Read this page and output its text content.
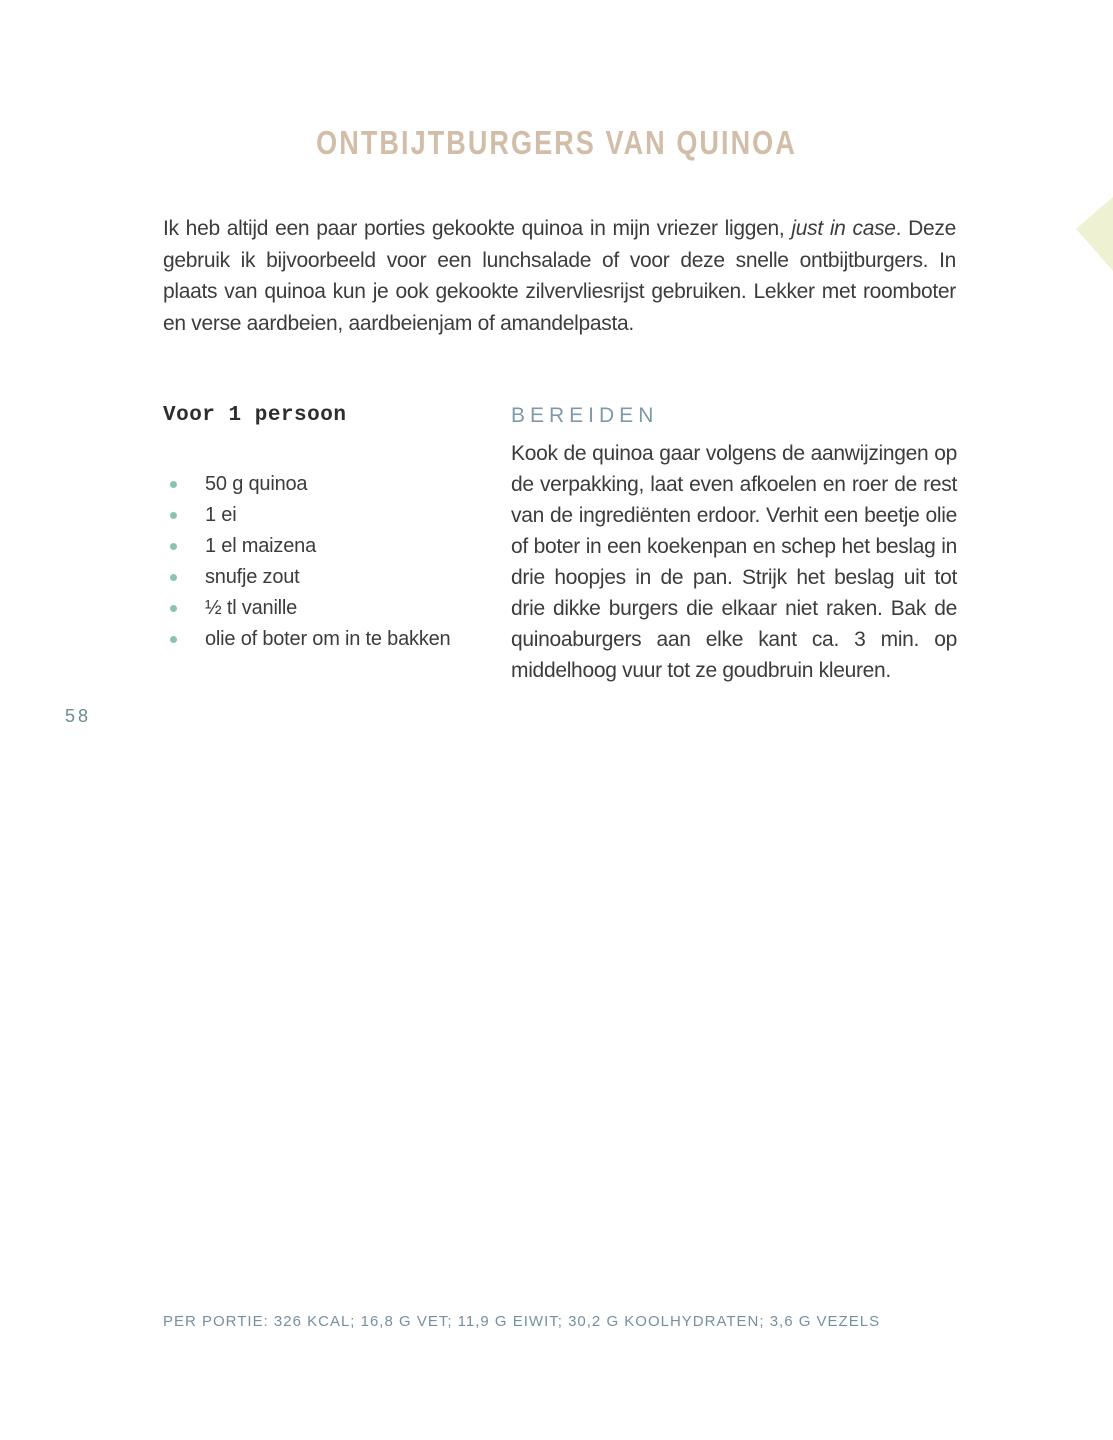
ONTBIJTBURGERS VAN QUINOA

Ik heb altijd een paar porties gekookte quinoa in mijn vriezer liggen, just in case. Deze gebruik ik bijvoorbeeld voor een lunchsalade of voor deze snelle ontbijtburgers. In plaats van quinoa kun je ook gekookte zilvervliesrijst gebruiken. Lekker met roomboter en verse aardbeien, aardbeienjam of amandelpasta.

Voor 1 persoon
50 g quinoa
1 ei
1 el maizena
snufje zout
½ tl vanille
olie of boter om in te bakken
BEREIDEN

Kook de quinoa gaar volgens de aanwijzingen op de verpakking, laat even afkoelen en roer de rest van de ingrediënten erdoor. Verhit een beetje olie of boter in een koekenpan en schep het beslag in drie hoopjes in de pan. Strijk het beslag uit tot drie dikke burgers die elkaar niet raken. Bak de quinoaburgers aan elke kant ca. 3 min. op middelhoog vuur tot ze goudbruin kleuren.

58
PER PORTIE: 326 KCAL; 16,8 G VET; 11,9 G EIWIT; 30,2 G KOOLHYDRATEN; 3,6 G VEZELS
